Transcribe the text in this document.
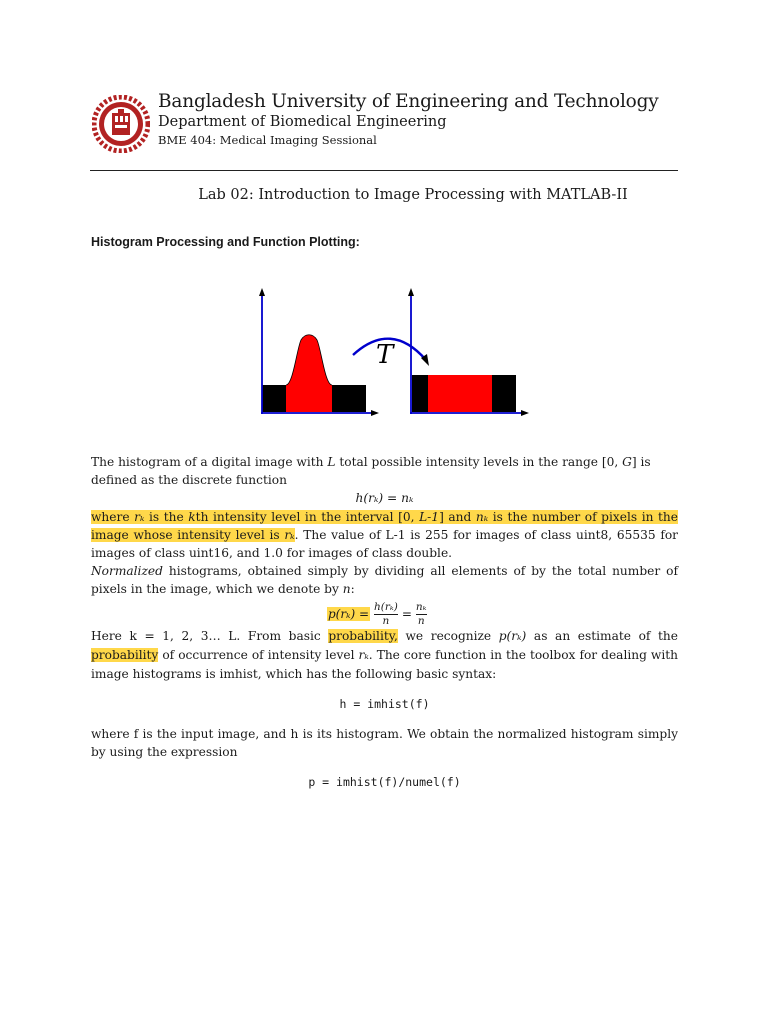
Bangladesh University of Engineering and Technology
Department of Biomedical Engineering
BME 404: Medical Imaging Sessional
Lab 02: Introduction to Image Processing with MATLAB-II
Histogram Processing and Function Plotting:
T
The histogram of a digital image with L total possible intensity levels in the range [0, G] is defined as the discrete function
h(rₖ) = nₖ
where rₖ is the kth intensity level in the interval [0, L-1] and nₖ is the number of pixels in the image whose intensity level is rₖ. The value of L-1 is 255 for images of class uint8, 65535 for images of class uint16, and 1.0 for images of class double.
Normalized histograms, obtained simply by dividing all elements of by the total number of pixels in the image, which we denote by n:
$p(r_k) = \frac{\text{h(rₖ)}}{n} = \frac{\text{nₖ}}{n}$
Here k = 1, 2, 3… L. From basic probability, we recognize p(rₖ) as an estimate of the probability of occurrence of intensity level rₖ. The core function in the toolbox for dealing with image histograms is imhist, which has the following basic syntax:
h = imhist(f)
where f is the input image, and h is its histogram. We obtain the normalized histogram simply by using the expression
p = imhist(f)/numel(f)
